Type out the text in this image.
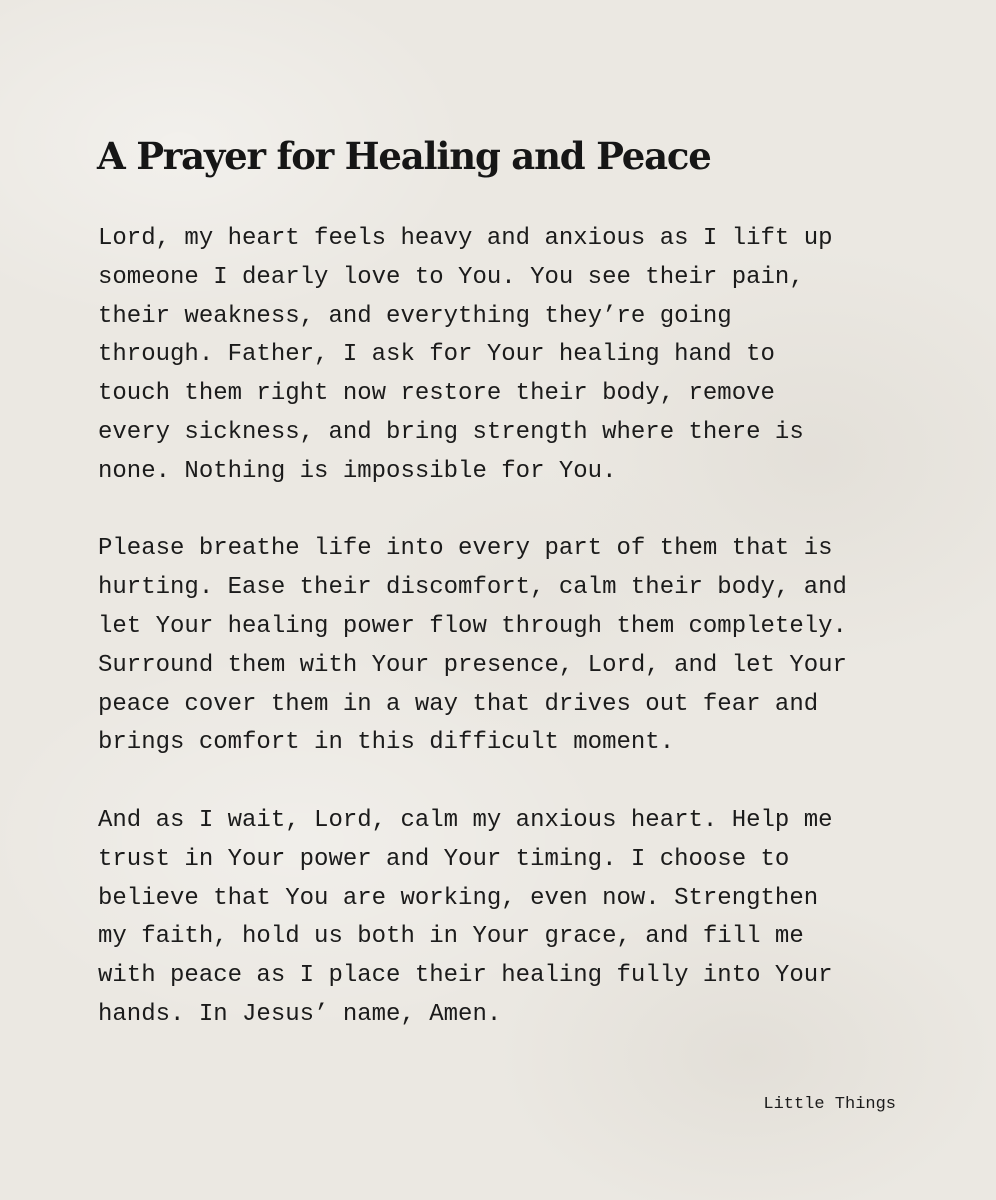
A Prayer for Healing and Peace

Lord, my heart feels heavy and anxious as I lift up
someone I dearly love to You. You see their pain,
their weakness, and everything they’re going
through. Father, I ask for Your healing hand to
touch them right now restore their body, remove
every sickness, and bring strength where there is
none. Nothing is impossible for You.

Please breathe life into every part of them that is
hurting. Ease their discomfort, calm their body, and
let Your healing power flow through them completely.
Surround them with Your presence, Lord, and let Your
peace cover them in a way that drives out fear and
brings comfort in this difficult moment.

And as I wait, Lord, calm my anxious heart. Help me
trust in Your power and Your timing. I choose to
believe that You are working, even now. Strengthen
my faith, hold us both in Your grace, and fill me
with peace as I place their healing fully into Your
hands. In Jesus’ name, Amen.

Little Things
